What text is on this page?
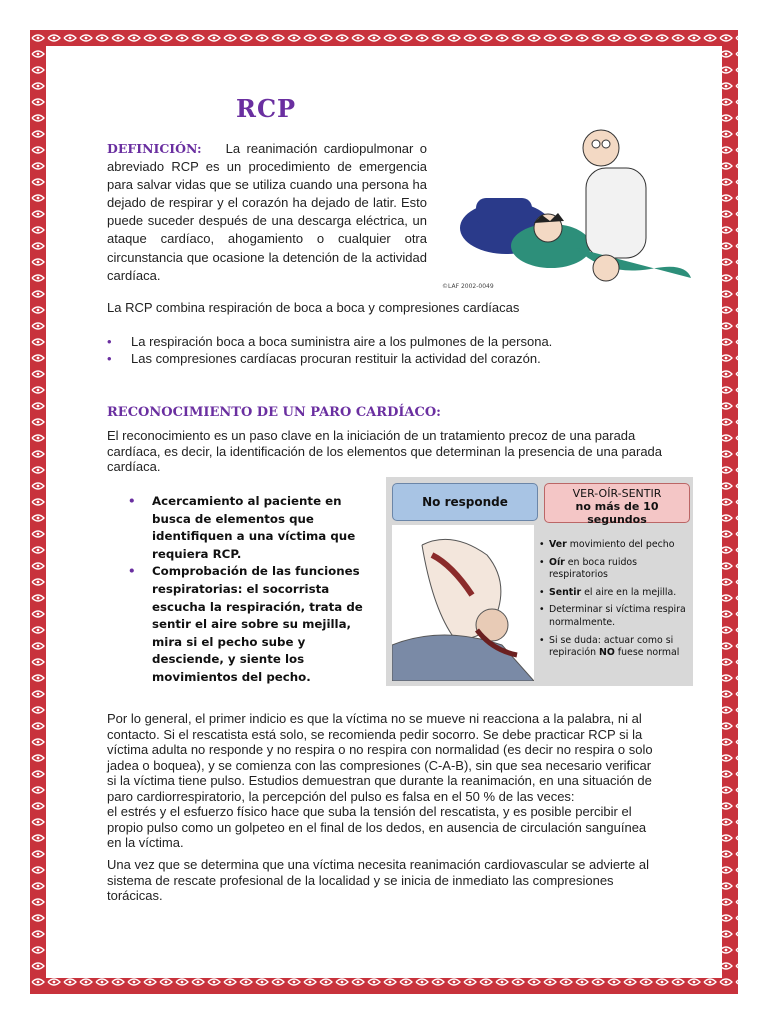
RCP
DEFINICIÓN: La reanimación cardiopulmonar o abreviado RCP es un procedimiento de emergencia para salvar vidas que se utiliza cuando una persona ha dejado de respirar y el corazón ha dejado de latir. Esto puede suceder después de una descarga eléctrica, un ataque cardíaco, ahogamiento o cualquier otra circunstancia que ocasione la detención de la actividad cardíaca.
©LAF 2002-0049
La RCP combina respiración de boca a boca y compresiones cardíacas
• La respiración boca a boca suministra aire a los pulmones de la persona.
• Las compresiones cardíacas procuran restituir la actividad del corazón.
RECONOCIMIENTO DE UN PARO CARDÍACO:
El reconocimiento es un paso clave en la iniciación de un tratamiento precoz de una parada cardíaca, es decir, la identificación de los elementos que determinan la presencia de una parada cardíaca.
• Acercamiento al paciente en busca de elementos que identifiquen a una víctima que requiera RCP.
• Comprobación de las funciones respiratorias: el socorrista escucha la respiración, trata de sentir el aire sobre su mejilla, mira si el pecho sube y desciende, y siente los movimientos del pecho.
No responde
VER-OÍR-SENTIR
no más de 10 segundos
• Ver movimiento del pecho
• Oír en boca ruidos respiratorios
• Sentir el aire en la mejilla.
• Determinar si víctima respira normalmente.
• Si se duda: actuar como si repiración NO fuese normal
Por lo general, el primer indicio es que la víctima no se mueve ni reacciona a la palabra, ni al contacto. Si el rescatista está solo, se recomienda pedir socorro. Se debe practicar RCP si la víctima adulta no responde y no respira o no respira con normalidad (es decir no respira o solo jadea o boquea), y se comienza con las compresiones (C-A-B), sin que sea necesario verificar si la víctima tiene pulso. Estudios demuestran que durante la reanimación, en una situación de paro cardiorrespiratorio, la percepción del pulso es falsa en el 50 % de las veces:
el estrés y el esfuerzo físico hace que suba la tensión del rescatista, y es posible percibir el propio pulso como un golpeteo en el final de los dedos, en ausencia de circulación sanguínea en la víctima.
Una vez que se determina que una víctima necesita reanimación cardiovascular se advierte al sistema de rescate profesional de la localidad y se inicia de inmediato las compresiones torácicas.
